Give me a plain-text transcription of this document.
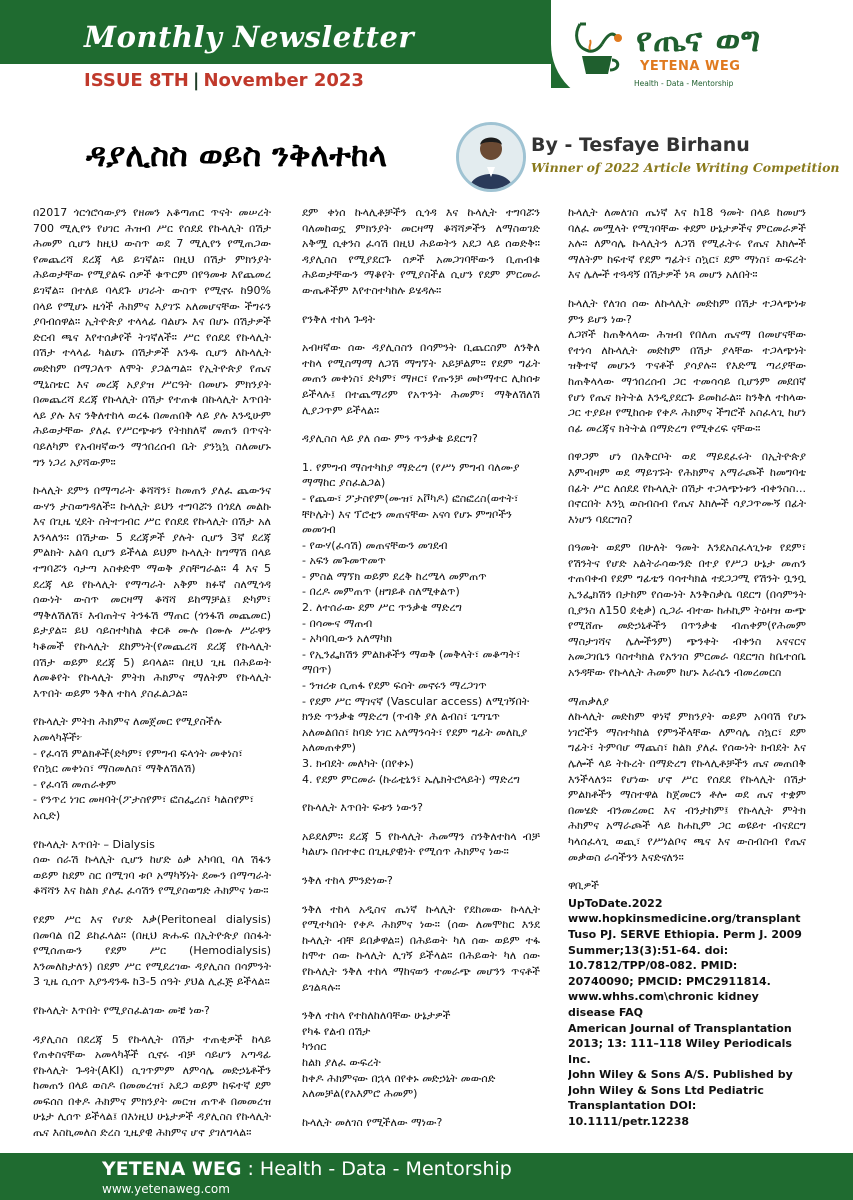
Monthly Newsletter
ISSUE 8TH | November 2023
የጤና ወግ
YETENA WEG
Health - Data - Mentorship
ዳያሊስስ ወይስ ንቅለተከላ	By - Tesfaye Birhanu
Winner of 2022 Article Writing Competition

በ2017 ጎርጎሮሳውያን የዘመን አቆጣጠር ጥናት መሠረት 700 ሚሊየን የሀገር ሕዝብ ሥር የሰደደ የኩላሊት በሽታ ሕመም ሲሆን ከዚህ ውስጥ ወደ 7 ሚሊየን የሚጠጋው የመጨረሻ ደረጃ ላይ ይገኛል። በዚህ በሽታ ምክንያት ሕይወታቸው የሚያልፍ ሰዎች ቁጥርም በየዓመቱ እየጨመረ ይገኛል። በተለይ ባላደጉ ሀገራት ውስጥ የሚኖሩ ከ90% በላይ የሚሆኑ ዜጎች ሕክምና እያገኙ አለመሆናቸው ችግሩን ያባብሰዋል። ኢትዮጵያ ተላላፊ ባልሆኑ እና በሆኑ በሽታዎች ድርብ ጫና እየተሰቃየች ትገኛለች። ሥር የሰደደ የኩላሊት በሽታ ተላላፊ ካልሆኑ በሽታዎች አንዱ ሲሆን ለኩላሊት መድከም በማጋለጥ ለሞት ያጋልጣል። የኢትዮጵያ የጤና ሚኒስቴር እና መረጃ አያያዝ ሥርዓት በመሆኑ ምክንያት በመጨረሻ ደረጃ የኩላሊት በሽታ የተጠቁ በኩላሊት እጥበት ላይ ያሉ እና ንቅለተከላ ወረፋ በመጠበቅ ላይ ያሉ እንዲሁም ሕይወታቸው ያለፈ የሥርጭቱን የትክክለኛ መጠን በጥናት ባይለካም የአብዛኛውን ማኅበረሰብ ቤት ያንኳኳ ስለመሆኑ ግን ነጋሪ አያሻውም።

ኩላሊት ደምን በማጣራት ቆሻሻን፣ ከመጠን ያለፈ ጨውንና ውሃን ታስወግዳለች። ኩላሊት ይህን ተግባሯን በጎደለ መልኩ እና በጊዜ ሂደት ስትተገብር ሥር የሰደደ የኩላሊት በሽታ አለ እንላለን። በሽታው 5 ደረጃዎች ያሉት ሲሆን 3ኛ ደረጃ ምልክት አልባ ሲሆን ይችላል ይህም ኩላሊት ከግማሽ በላይ ተግባሯን ሳታጣ አስቀድሞ ማወቅ ያስቸግራል። 4 እና 5 ደረጃ ላይ የኩላሊት የማጣራት አቅም ክፉኛ ስለሚጎዳ ሰውነት ውስጥ መርዛማ ቆሻሻ ይከማቻል፤ ድካም፣ ማቅለሽለሽ፣ እብጠትና ትንፋሽ ማጠር (ጎንፋሽ መጨመር) ይታያል። ይህ ሳይስተካከል ቀርቶ ሙሉ በሙሉ ሥራዋን ካቆመች የኩላሊት ደከምነት(የመጨረሻ ደረጃ የኩላሊት በሽታ ወይም ደረጃ 5) ይባላል። በዚህ ጊዜ በሕይወት ለመቆየት የኩላሊት ምትክ ሕክምና ማለትም የኩላሊት እጥበት ወይም ንቅለ ተከላ ያስፈልጋል።

የኩላሊት ምትክ ሕክምና ለመጀመር የሚያስችሉ አመላካቾች፦
- የፈሳሽ ምልክቶች(ድካም፣ የምግብ ፍላጎት መቀነስ፣ የስኳር መቀነስ፣ ማስመለስ፣ ማቅለሽለሽ)
- የፈሳሽ መጠራቀም
- የንጥረ ነገር መዛባት(ፖታስየም፣ ፎስፌረስ፣ ካልስየም፣ አሲድ)

የኩላሊት እጥበት – Dialysis
ሰው ሰራሽ ኩላሊት ሲሆን ከሆድ ዕቃ አካባቢ ባለ ሽፋን ወይም ከደም ስር በሚገባ ቱቦ አማካኝነት ደሙን በማጣራት ቆሻሻን እና ከልክ ያለፈ ፈሳሽን የሚያስወግድ ሕክምና ነው።

የደም ሥር እና የሆድ እቃ(Peritoneal dialysis) በመባል በ2 ይከፈላል። (በዚህ ጽሑፍ በኢትዮጵያ በስፋት የሚሰጠውን የደም ሥር (Hemodialysis) እንመለከታለን) በደም ሥር የሚደረገው ዳያሊስስ በሳምንት 3 ጊዜ ሲሰጥ እያንዳንዱ ከ3-5 ሰዓት ያህል ሊፈጅ ይችላል።

የኩላሊት እጥበት የሚያስፈልገው መቼ ነው?

ዳያሊስስ በደረጃ 5 የኩላሊት በሽታ ተጠቂዎች ከላይ የጠቀስናቸው አመላካቾች ሲኖሩ ብቻ ሳይሆን አጣዳፊ የኩላሊት ጉዳት(AKI) ሲገጥምም ለምሳሌ መድኃኒቶችን ከመጠን በላይ ወስዶ በመመረዝ፣ አደጋ ወይም ከፍተኛ ደም መፍሰስ በቀዶ ሕክምና ምክንያት መርዝ ጠጥቶ በመመረዝ ሁኔታ ሊሰጥ ይችላል፤ በእነዚህ ሁኔታዎች ዳያሊስስ የኩላሊት ጤና እስኪመለስ ድረስ ጊዜያዊ ሕክምና ሆኖ ያገለግላል።

ደም ቀነሰ ኩላሊቶቻችን ሲጎዳ እና ኩላሊት ተግባሯን ባለመከወኗ ምክንያት መርዛማ ቆሻሻዎችን ለማስወገድ አቅሟ ሲቀንስ ፈሳሽ በዚህ ሕይወትን አደጋ ላይ ሰወድቅ። ዳያሊስስ የሚያደርጉ ሰዎች አመጋገባቸውን ቢጠብቁ ሕይወታቸውን ማቆየት የሚያስችል ሲሆን የደም ምርመራ ውጤቶችም እየተስተካከሉ ይሄዳሉ።

የንቅለ ተከላ ጉዳት

አብዛኛው ሰው ዳያሊስስን በሳምንት ቢጨርስም ለንቅለ ተከላ የሚስማማ ለጋሽ ማግኘት አይቻልም። የደም ግፊት መጠን መቀነስ፣ ድካም፣ ማዞር፣ የጡንቻ መኮማተር ሊከሰቱ ይችላሉ፤ በተጨማሪም የአጥንት ሕመም፣ ማቅለሽለሽ ሊያጋጥም ይችላል።

ዳያሊስስ ላይ ያለ ሰው ምን ጥንቃቄ ይደርግ?

1. የምግብ ማስተካከያ ማድረግ (የሥነ ምግብ ባለሙያ ማማከር ያስፈልጋል)
- የጨው፣ ፖታስየም(ሙዝ፣ አቮካዶ) ፎስፎረስ(ወተት፣ ቸኮሌት) እና ፕሮቲን መጠናቸው አናሳ የሆኑ ምግቦችን መመገብ
- የውሃ(ፈሳሽ) መጠናቸውን መገደብ
- አፍን መጉመጥመጥ
- ምስል ማኘክ ወይም ደረቅ ከረሜላ መምጠጥ
- በረዶ መምጠጥ (ዘግይቶ ስለሚቀልጥ)
2. ለተሰራው ደም ሥር ጥንቃቄ ማድረግ
- በሳሙና ማጠብ
- አካባቢውን አለማካክ
- የኢንፌክሽን ምልክቶችን ማወቅ (መቅላት፣ መቆጣት፣ ማበጥ)
- ንዝረቱ ሲጠፋ የደም ፍሰት መኖሩን ማረጋገጥ
- የደም ሥር ማገናኛ (Vascular access) ለሚገኝበት ክንድ ጥንቃቄ ማድረግ (ጥብቅ ያለ ልብስ፣ ጌጣጌጥ አለመልበስ፣ ከባድ ነገር አለማንሳት፣ የደም ግፊት መለኪያ አለመጠቀም)
3. ክብደት መለካት (በየቀኑ)
4. የደም ምርመራ (ኩሬቲኒን፣ ኤሌክትሮላይት) ማድረግ

የኩላሊት እጥበት ፍቱን ነውን?

አይደለም። ደረጃ 5 የኩላሊት ሕመማን ስንቅለተከላ ብቻ ካልሆኑ በስተቀር በጊዜያዊነት የሚሰጥ ሕክምና ነው።

ንቅለ ተከላ ምንድነው?

ንቅለ ተከላ አዲስና ጤነኛ ኩላሊት የደከመው ኩላሊት የሚተካበት የቀዶ ሕክምና ነው። (ሰው ለመሞከር እንደ ኩላሊት ብቸ ይበቃዋል።) በሕይወት ካለ ሰው ወይም ተፋ ከሞተ ሰው ኩላሊት ሊገኝ ይችላል። በሕይወት ካለ ሰው የኩላሊት ንቅለ ተከላ ማከናወን ተመራጭ መሆንን ጥናቶች ይገልጻሉ።

ንቅለ ተከላ የተከለከለባቸው ሁኔታዎች
የካፋ የልብ በሽታ
ካንሰር
ከልክ ያለፈ ውፍረት
ከቀዶ ሕክምናው በኋላ በየቀኑ መድኃኒት መውሰድ አለመቻል(የአእምሮ ሕመም)

ኩላሊት መለገስ የሚችለው ማነው?

ኩላሊት ለመለገስ ጤነኛ እና ከ18 ዓመት በላይ ከመሆን ባለፈ መሟላት የሚገባቸው ቀደም ሁኔታዎችና ምርመራዎች አሉ። ለምሳሌ ኩላሊትን ለጋሽ የሚፈትሩ የጤና እክሎች ማለትም ከፍተኛ የደም ግፊት፣ ስኳር፣ ደም ማነስ፣ ውፍረት እና ሌሎች ተጓዳኝ በሽታዎች ነጻ መሆን አለበት።

ኩላሊት የለገሰ ሰው ለኩላሊት መድከም በሽታ ተጋላጭነቱ ምን ይሆን ነው?
ለጋሾች ከጠቅላላው ሕዝብ የበለጠ ጤናማ በመሆናቸው የተነሳ ለኩላሊት መድከም በሽታ ያላቸው ተጋላጭነት ዝቅተኛ መሆኑን ጥናቶች ያሳያሉ። የእድሜ ጣሪያቸው ከጠቅላላው ማኅበረሰብ ጋር ተመሳሳይ ቢሆንም መደበኛ የሆነ የጤና ክትትል እንዲያደርጉ ይመከራል። ከንቅለ ተከላው ጋር ተያይዞ የሚከሰቱ የቀዶ ሕክምና ችግሮች አስፈላጊ ከሆነ ሰፊ መረጃና ክትትል በማድረግ የሚቀረፍ ናቸው።

በዋጋም ሆነ በአቅርቦት ወደ ማይደፈሩት በኢትዮጵያ እምብዛም ወደ ማይገኙት የሕክምና አማራጮች ከመግባቴ በፊት ሥር ለሰደደ የኩላሊት በሽታ ተጋላጭነቱን ብቀንስስ... በኖርበት እንኳ ወስብስብ የጤና እክሎች ሳያጋጥሙኝ በፊት እነሆን ባደርግስ?

በዓመት ወደም በሁለት ዓመት እንደአስፈላጊነቱ የደም፣ የሽንትና የሆድ አልትራሳውንድ በተያ የሥጋ ሁኔታ መጠን ተጠባቀብ የደም ግፊቴን ባሳተካክል ተደጋጋሚ የሽንት ቧንቧ ኢንፌክሽን በታከም የሰውነት እንቅስቃሴ ባደርግ (በሳምንት ቢያንስ ለ150 ደቂቃ) ሲጋራ ብተው ከሐኪም ትዕዛዝ ውጭ የሚሸጡ መድኃኒቶችን በጥንቃቄ ብጠቀም(የሕመም ማስታገሻና ሌሎችንም) ጭንቀት ብቀንስ አናናርና አመጋገቤን ባስተካክል የአንገስ ምርመራ ባደርግስ ከቤተሰቤ አንዳቸው የኩላሊት ሕመም ከሆኑ እራሴን ብመረመርስ

ማጠቃለያ
ለኩላሊት መድከም ዋነኛ ምክንያት ወይም አባባሽ የሆኑ ነገሮችን ማስተካከል የምንችላቸው ለምሳሌ ስኳር፣ ደም ግፊት፣ ትምባሆ ማጨስ፣ ከልክ ያለፈ የሰውነት ክብደት እና ሌሎች ላይ ትኩረት በማድረግ የኩላሊቶቻችን ጤና መጠበቅ እንችላለን። የሆነው ሆኖ ሥር የሰደደ የኩላሊት በሽታ ምልክቶችን ማስተዋል ከጀመርን ቶሎ ወደ ጤና ተቋም በመሄድ ብንመረመር እና ብንታከም፤ የኩላሊት ምትክ ሕክምና አማራጮች ላይ ከሐኪም ጋር ወዩይተ ብናደርግ ካላሰፈላጊ ወጪ፣ የሥነልቦና ጫና እና ውስብስብ የጤና መቃወስ ራሳችንን እናድናለን።

ዋቢዎች

UpToDate.2022
www.hopkinsmedicine.org/transplant
Tuso PJ. SERVE Ethiopia. Perm J. 2009 Summer;13(3):51-64. doi: 10.7812/TPP/08-082. PMID: 20740090; PMCID: PMC2911814.
www.whhs.com\chronic kidney disease FAQ
American Journal of Transplantation 2013; 13: 111–118 Wiley Periodicals Inc.
John Wiley & Sons A/S. Published by John Wiley & Sons Ltd Pediatric Transplantation DOI: 10.1111/petr.12238

YETENA WEG : Health - Data - Mentorship
www.yetenaweg.com
